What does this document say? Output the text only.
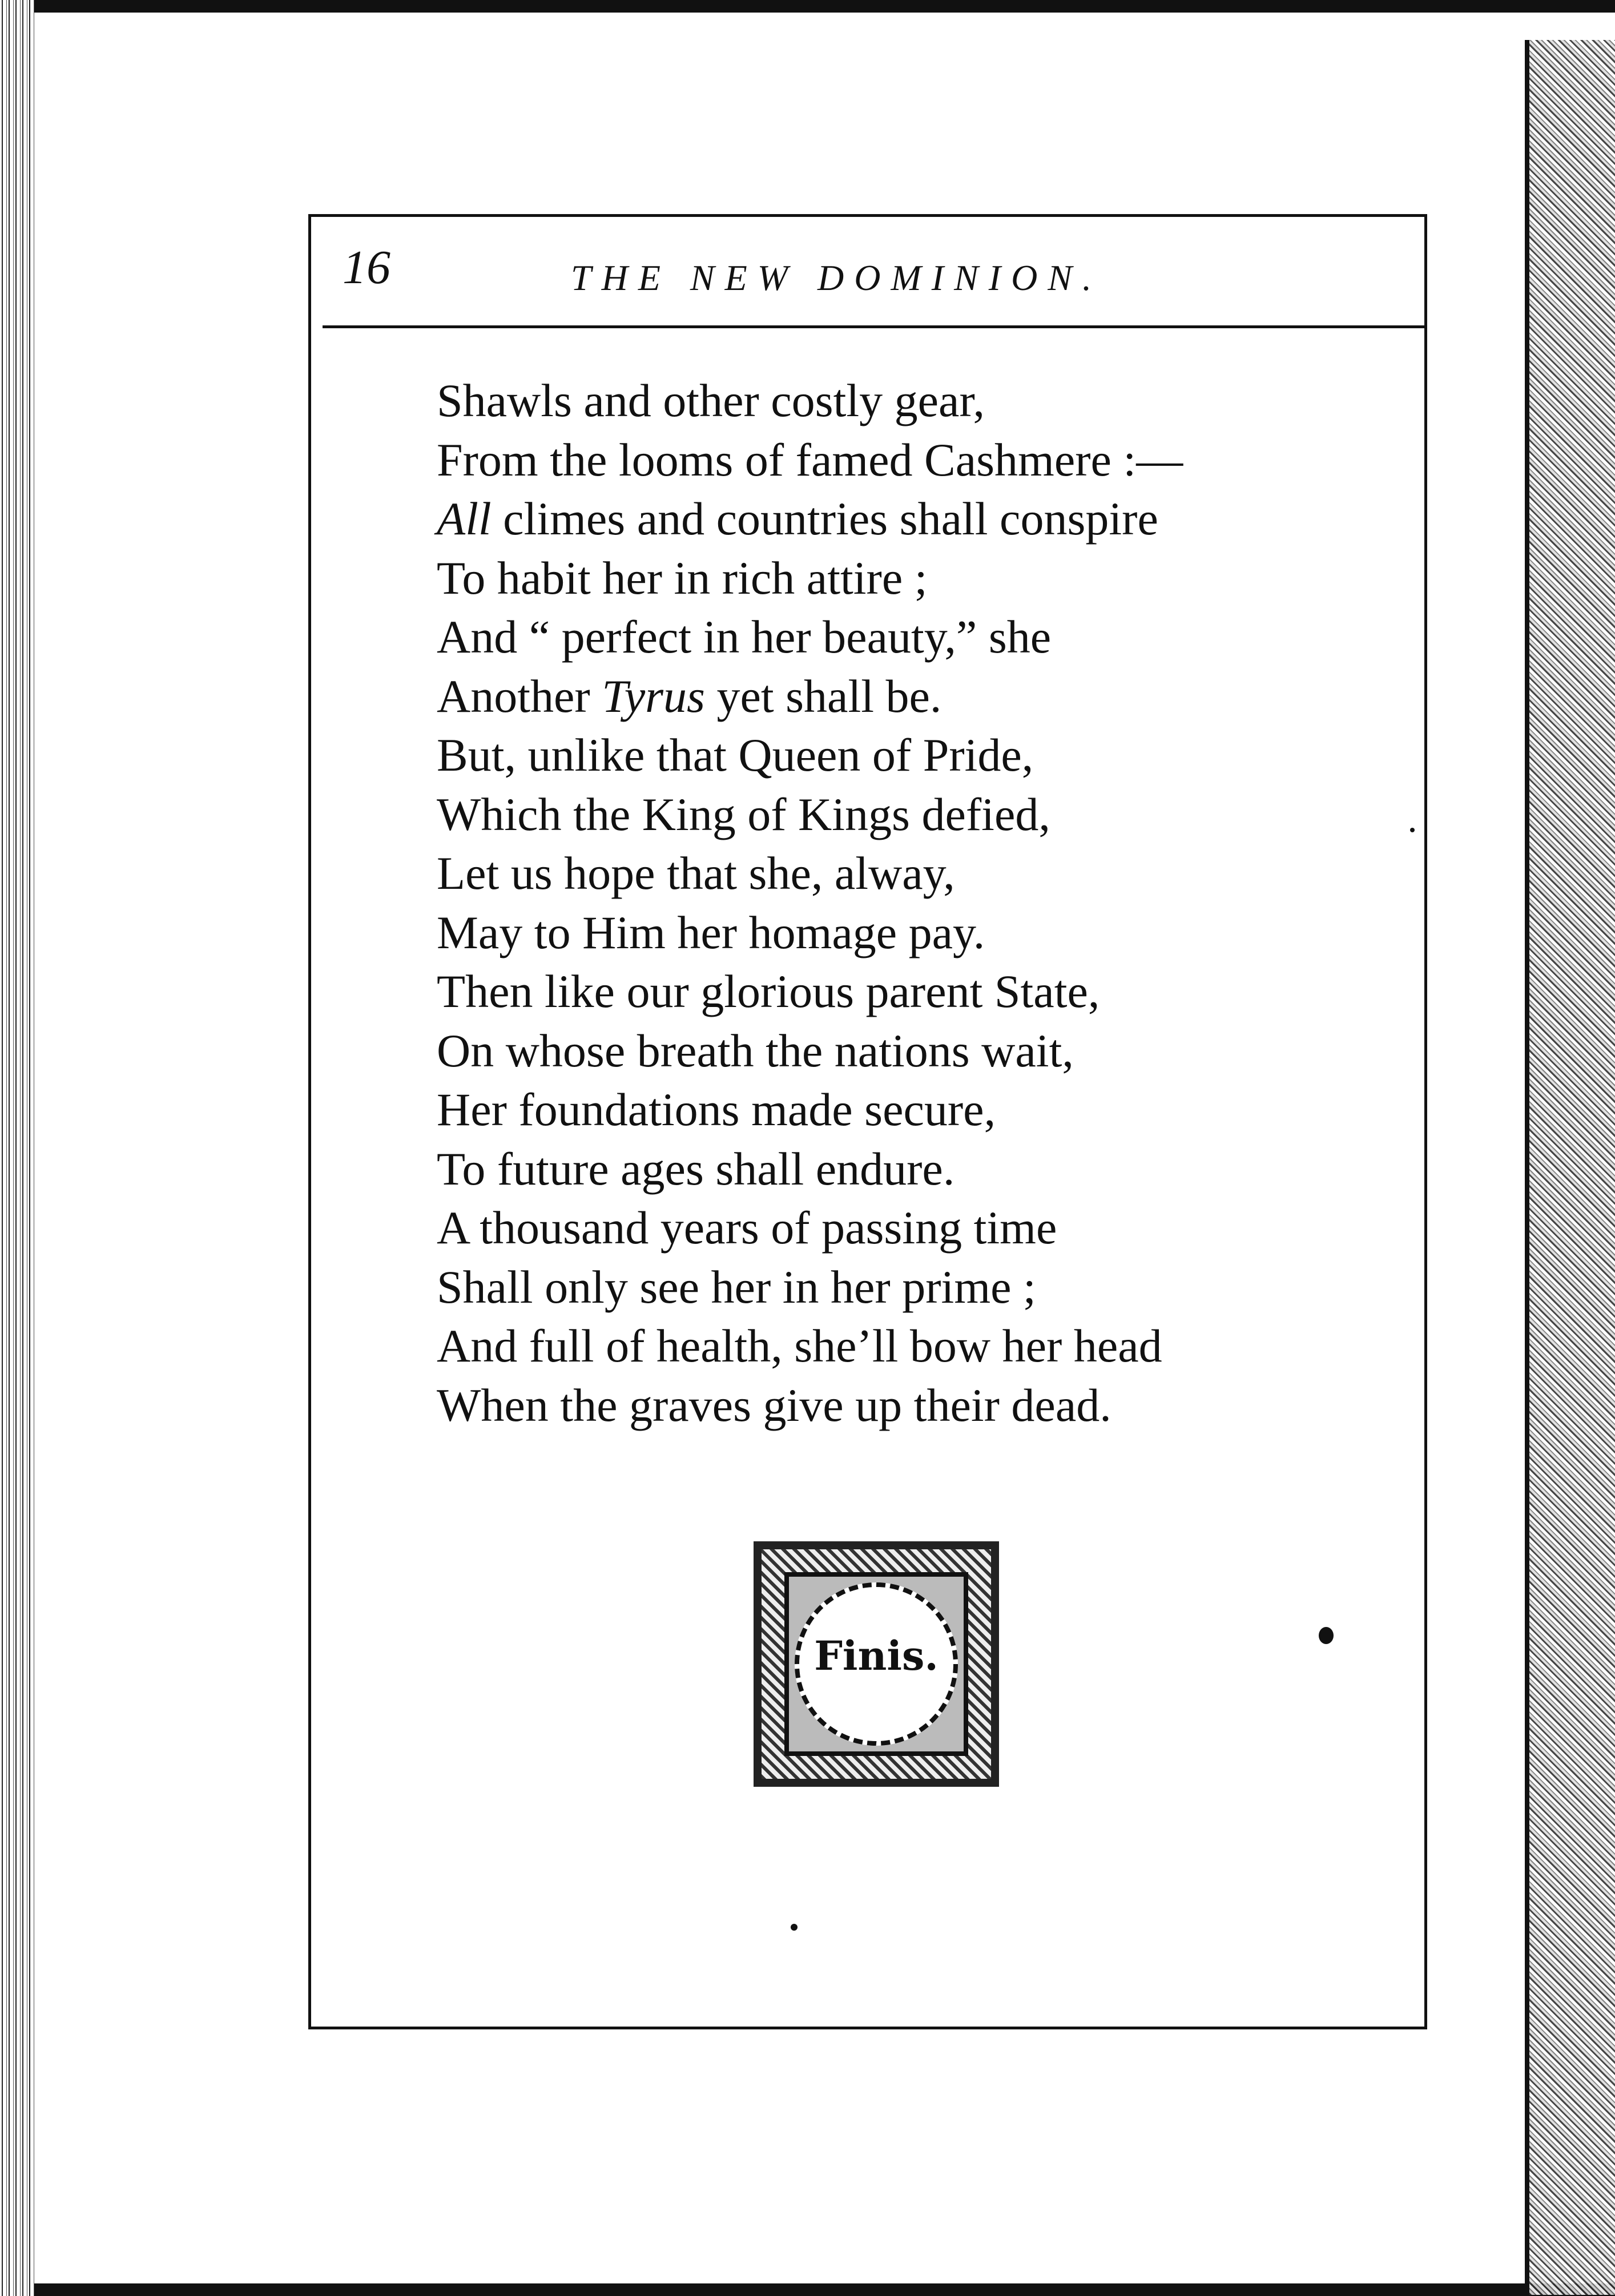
16	THE NEW DOMINION.
Shawls and other costly gear,
From the looms of famed Cashmere :—
All climes and countries shall conspire
To habit her in rich attire ;
And “ perfect in her beauty,” she
Another Tyrus yet shall be.
But, unlike that Queen of Pride,
Which the King of Kings defied,
Let us hope that she, alway,
May to Him her homage pay.
Then like our glorious parent State,
On whose breath the nations wait,
Her foundations made secure,
To future ages shall endure.
A thousand years of passing time
Shall only see her in her prime ;
And full of health, she’ll bow her head
When the graves give up their dead.
Finis.
